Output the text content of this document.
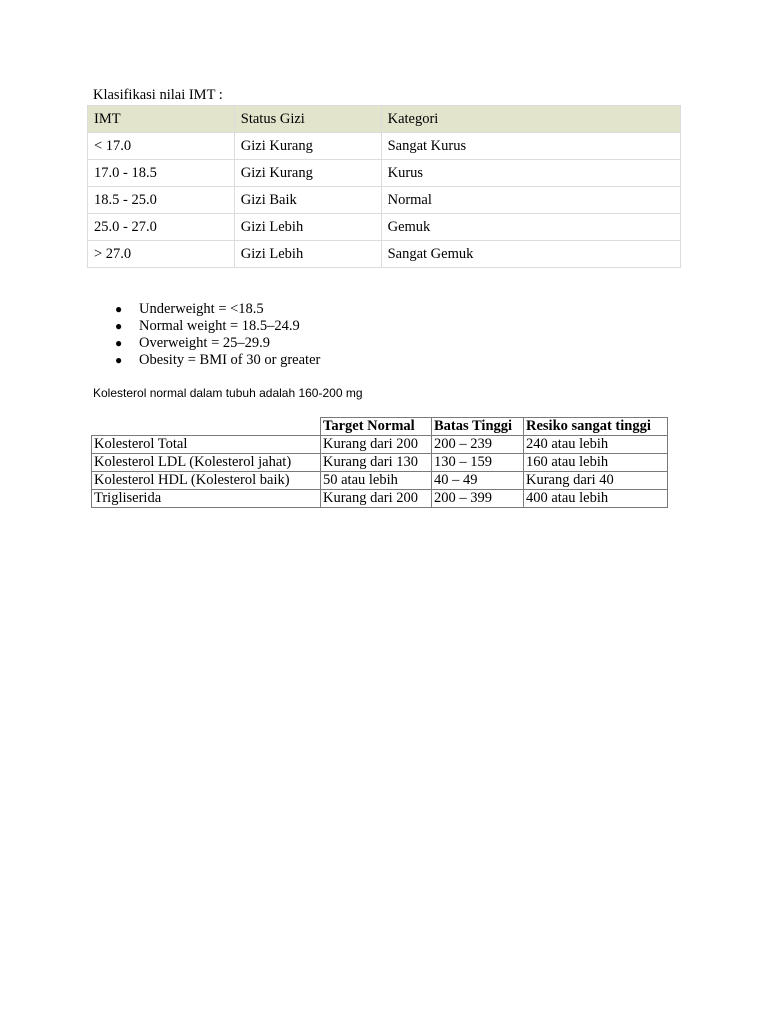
Klasifikasi nilai IMT :
IMT	Status Gizi	Kategori
< 17.0	Gizi Kurang	Sangat Kurus
17.0 - 18.5	Gizi Kurang	Kurus
18.5 - 25.0	Gizi Baik	Normal
25.0 - 27.0	Gizi Lebih	Gemuk
> 27.0	Gizi Lebih	Sangat Gemuk
● Underweight = <18.5
● Normal weight = 18.5–24.9
● Overweight = 25–29.9
● Obesity = BMI of 30 or greater
Kolesterol normal dalam tubuh adalah 160-200 mg
	Target Normal	Batas Tinggi	Resiko sangat tinggi
Kolesterol Total	Kurang dari 200	200 – 239	240 atau lebih
Kolesterol LDL (Kolesterol jahat)	Kurang dari 130	130 – 159	160 atau lebih
Kolesterol HDL (Kolesterol baik)	50 atau lebih	40 – 49	Kurang dari 40
Trigliserida	Kurang dari 200	200 – 399	400 atau lebih
